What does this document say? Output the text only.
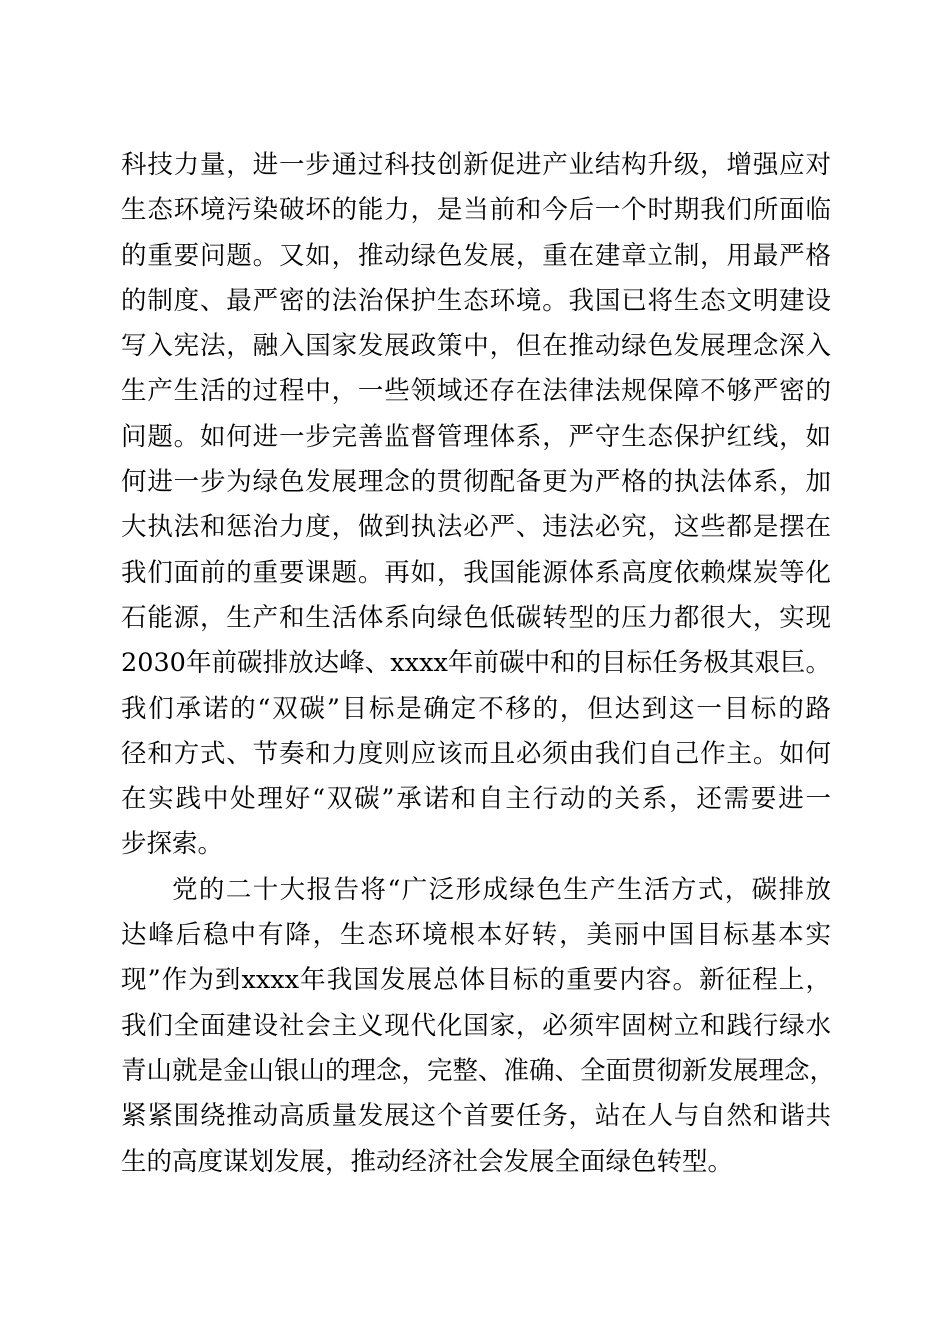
科技力量，进一步通过科技创新促进产业结构升级，增强应对
生态环境污染破坏的能力，是当前和今后一个时期我们所面临
的重要问题。又如，推动绿色发展，重在建章立制，用最严格
的制度、最严密的法治保护生态环境。我国已将生态文明建设
写入宪法，融入国家发展政策中，但在推动绿色发展理念深入
生产生活的过程中，一些领域还存在法律法规保障不够严密的
问题。如何进一步完善监督管理体系，严守生态保护红线，如
何进一步为绿色发展理念的贯彻配备更为严格的执法体系，加
大执法和惩治力度，做到执法必严、违法必究，这些都是摆在
我们面前的重要课题。再如，我国能源体系高度依赖煤炭等化
石能源，生产和生活体系向绿色低碳转型的压力都很大，实现
2030年前碳排放达峰、xxxx年前碳中和的目标任务极其艰巨。
我们承诺的“双碳”目标是确定不移的，但达到这一目标的路
径和方式、节奏和力度则应该而且必须由我们自己作主。如何
在实践中处理好“双碳”承诺和自主行动的关系，还需要进一
步探索。
党的二十大报告将“广泛形成绿色生产生活方式，碳排放
达峰后稳中有降，生态环境根本好转，美丽中国目标基本实
现”作为到xxxx年我国发展总体目标的重要内容。新征程上，
我们全面建设社会主义现代化国家，必须牢固树立和践行绿水
青山就是金山银山的理念，完整、准确、全面贯彻新发展理念，
紧紧围绕推动高质量发展这个首要任务，站在人与自然和谐共
生的高度谋划发展，推动经济社会发展全面绿色转型。
